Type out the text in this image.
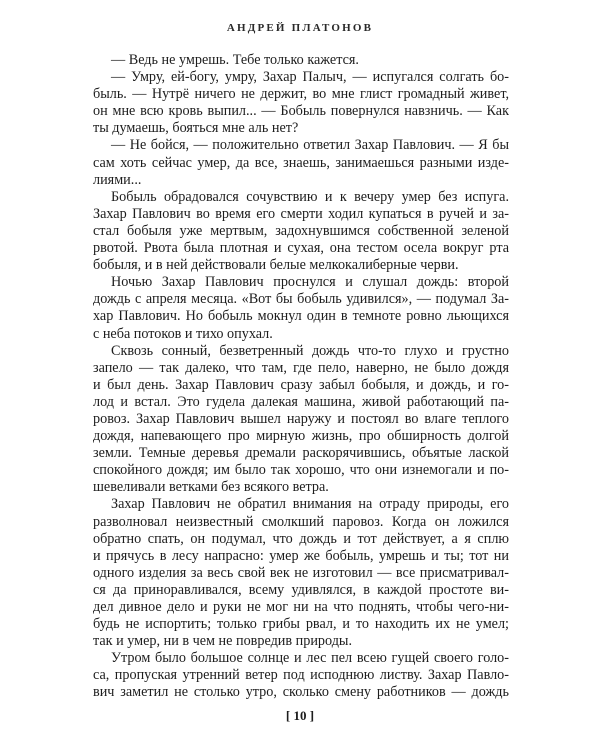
АНДРЕЙ ПЛАТОНОВ
— Ведь не умрешь. Тебе только кажется.
— Умру, ей-богу, умру, Захар Палыч, — испугался солгать бо-
быль. — Нутрё ничего не держит, во мне глист громадный живет,
он мне всю кровь выпил... — Бобыль повернулся навзничь. — Как
ты думаешь, бояться мне аль нет?
— Не бойся, — положительно ответил Захар Павлович. — Я бы
сам хоть сейчас умер, да все, знаешь, занимаешься разными изде-
лиями...
Бобыль обрадовался сочувствию и к вечеру умер без испуга.
Захар Павлович во время его смерти ходил купаться в ручей и за-
стал бобыля уже мертвым, задохнувшимся собственной зеленой
рвотой. Рвота была плотная и сухая, она тестом осела вокруг рта
бобыля, и в ней действовали белые мелкокалиберные черви.
Ночью Захар Павлович проснулся и слушал дождь: второй
дождь с апреля месяца. «Вот бы бобыль удивился», — подумал За-
хар Павлович. Но бобыль мокнул один в темноте ровно льющихся
с неба потоков и тихо опухал.
Сквозь сонный, безветренный дождь что-то глухо и грустно
запело — так далеко, что там, где пело, наверно, не было дождя
и был день. Захар Павлович сразу забыл бобыля, и дождь, и го-
лод и встал. Это гудела далекая машина, живой работающий па-
ровоз. Захар Павлович вышел наружу и постоял во влаге теплого
дождя, напевающего про мирную жизнь, про обширность долгой
земли. Темные деревья дремали раскорячившись, объятые лаской
спокойного дождя; им было так хорошо, что они изнемогали и по-
шевеливали ветками без всякого ветра.
Захар Павлович не обратил внимания на отраду природы, его
разволновал неизвестный смолкший паровоз. Когда он ложился
обратно спать, он подумал, что дождь и тот действует, а я сплю
и прячусь в лесу напрасно: умер же бобыль, умрешь и ты; тот ни
одного изделия за весь свой век не изготовил — все присматривал-
ся да приноравливался, всему удивлялся, в каждой простоте ви-
дел дивное дело и руки не мог ни на что поднять, чтобы чего-ни-
будь не испортить; только грибы рвал, и то находить их не умел;
так и умер, ни в чем не повредив природы.
Утром было большое солнце и лес пел всею гущей своего голо-
са, пропуская утренний ветер под исподнюю листву. Захар Павло-
вич заметил не столько утро, сколько смену работников — дождь
[ 10 ]
